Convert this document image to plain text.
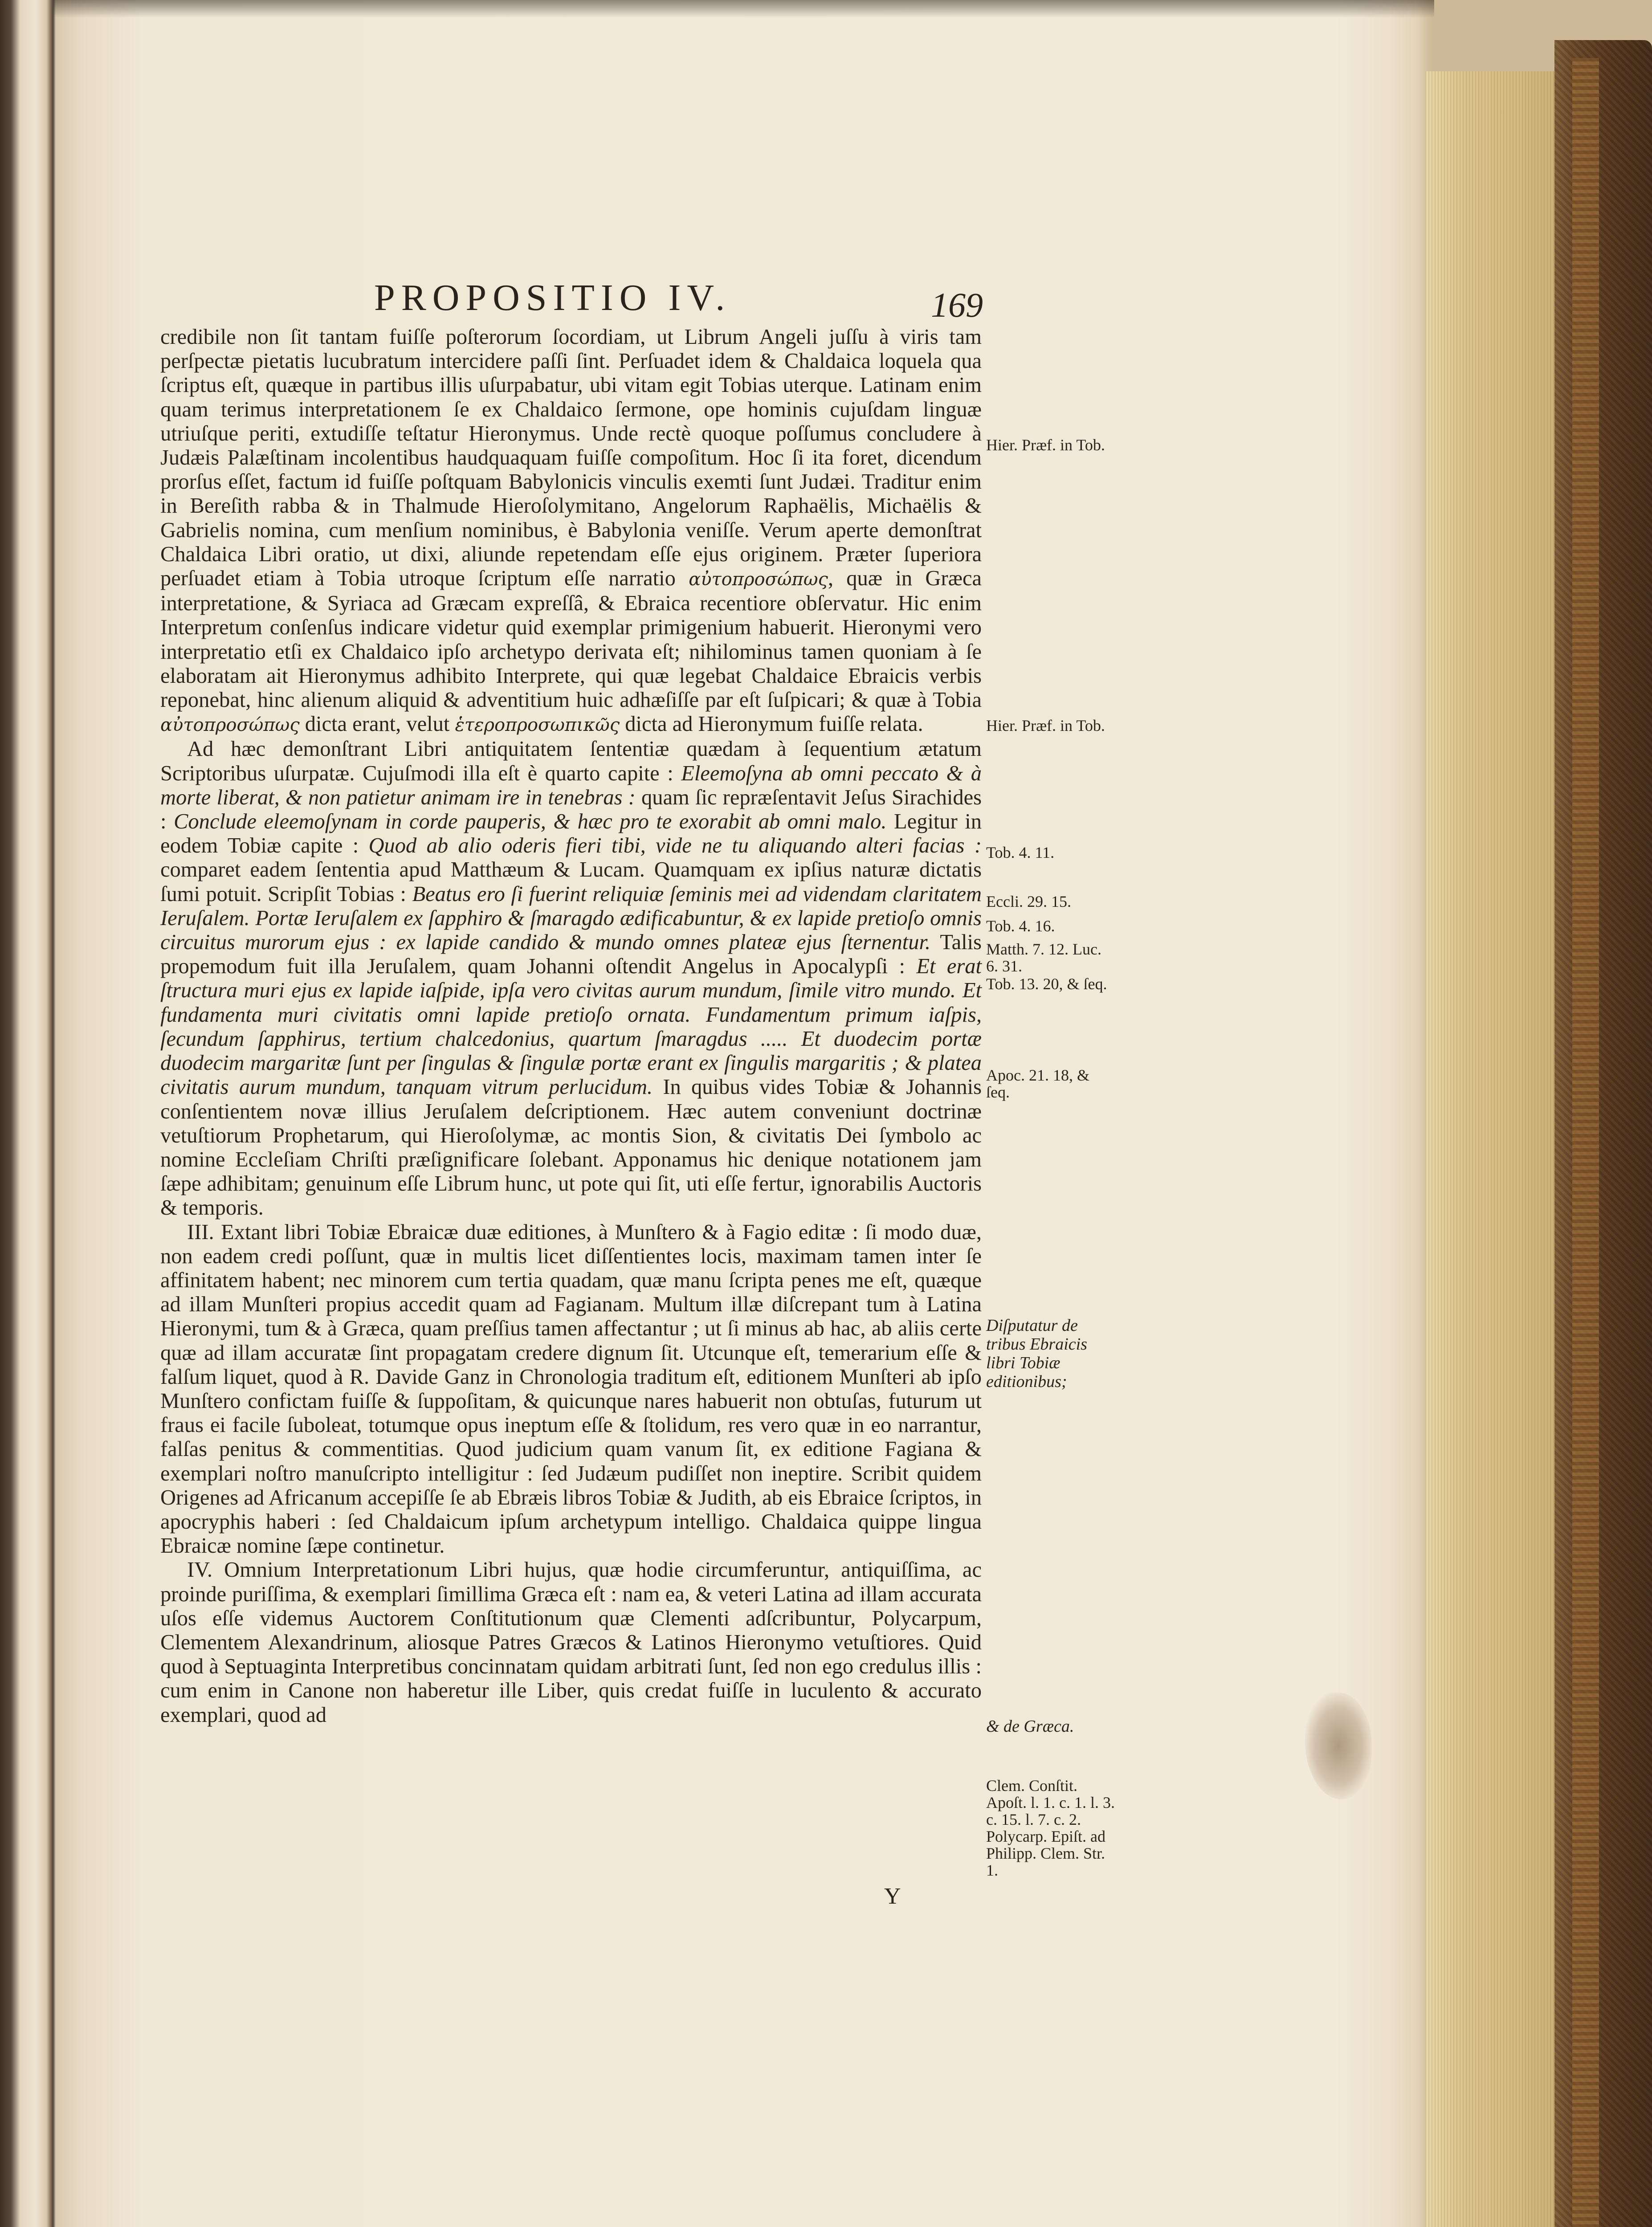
PROPOSITIO IV.	169

credibile non ſit tantam fuiſſe poſterorum ſocordiam, ut Librum Angeli juſſu à viris tam perſpectæ pietatis lucubratum intercidere paſſi ſint. Perſuadet idem & Chaldaica loquela qua ſcriptus eſt, quæque in partibus illis uſurpabatur, ubi vitam egit Tobias uterque. Latinam enim quam terimus interpretationem ſe ex Chaldaico ſermone, ope hominis cujuſdam linguæ utriuſque periti, extudiſſe teſtatur Hieronymus. Unde rectè quoque poſſumus concludere à Judæis Palæſtinam incolentibus haudquaquam fuiſſe compoſitum. Hoc ſi ita foret, dicendum prorſus eſſet, factum id fuiſſe poſtquam Babylonicis vinculis exemti ſunt Judæi. Traditur enim in Bereſith rabba & in Thalmude Hieroſolymitano, Angelorum Raphaëlis, Michaëlis & Gabrielis nomina, cum menſium nominibus, è Babylonia veniſſe. Verum aperte demonſtrat Chaldaica Libri oratio, ut dixi, aliunde repetendam eſſe ejus originem. Præter ſuperiora perſuadet etiam à Tobia utroque ſcriptum eſſe narratio αὐτοπροσώπως, quæ in Græca interpretatione, & Syriaca ad Græcam expreſſâ, & Ebraica recentiore obſervatur. Hic enim Interpretum conſenſus indicare videtur quid exemplar primigenium habuerit. Hieronymi vero interpretatio etſi ex Chaldaico ipſo archetypo derivata eſt; nihilominus tamen quoniam à ſe elaboratam ait Hieronymus adhibito Interprete, qui quæ legebat Chaldaice Ebraicis verbis reponebat, hinc alienum aliquid & adventitium huic adhæſiſſe par eſt ſuſpicari; & quæ à Tobia αὐτοπροσώπως dicta erant, velut ἑτεροπροσωπικῶς dicta ad Hieronymum fuiſſe relata.

Ad hæc demonſtrant Libri antiquitatem ſententiæ quædam à ſequentium ætatum Scriptoribus uſurpatæ. Cujuſmodi illa eſt è quarto capite : Eleemoſyna ab omni peccato & à morte liberat, & non patietur animam ire in tenebras : quam ſic repræſentavit Jeſus Sirachides : Conclude eleemoſynam in corde pauperis, & hæc pro te exorabit ab omni malo. Legitur in eodem Tobiæ capite : Quod ab alio oderis fieri tibi, vide ne tu aliquando alteri facias : comparet eadem ſententia apud Matthæum & Lucam. Quamquam ex ipſius naturæ dictatis ſumi potuit. Scripſit Tobias : Beatus ero ſi fuerint reliquiæ ſeminis mei ad videndam claritatem Ieruſalem. Portæ Ieruſalem ex ſapphiro & ſmaragdo ædificabuntur, & ex lapide pretioſo omnis circuitus murorum ejus : ex lapide candido & mundo omnes plateæ ejus ſternentur. Talis propemodum fuit illa Jeruſalem, quam Johanni oſtendit Angelus in Apocalypſi : Et erat ſtructura muri ejus ex lapide iaſpide, ipſa vero civitas aurum mundum, ſimile vitro mundo. Et fundamenta muri civitatis omni lapide pretioſo ornata. Fundamentum primum iaſpis, ſecundum ſapphirus, tertium chalcedonius, quartum ſmaragdus ..... Et duodecim portæ duodecim margaritæ ſunt per ſingulas & ſingulæ portæ erant ex ſingulis margaritis ; & platea civitatis aurum mundum, tanquam vitrum perlucidum. In quibus vides Tobiæ & Johannis conſentientem novæ illius Jeruſalem deſcriptionem. Hæc autem conveniunt doctrinæ vetuſtiorum Prophetarum, qui Hieroſolymæ, ac montis Sion, & civitatis Dei ſymbolo ac nomine Eccleſiam Chriſti præſignificare ſolebant. Apponamus hic denique notationem jam ſæpe adhibitam; genuinum eſſe Librum hunc, ut pote qui ſit, uti eſſe fertur, ignorabilis Auctoris & temporis.

III. Extant libri Tobiæ Ebraicæ duæ editiones, à Munſtero & à Fagio editæ : ſi modo duæ, non eadem credi poſſunt, quæ in multis licet diſſentientes locis, maximam tamen inter ſe affinitatem habent; nec minorem cum tertia quadam, quæ manu ſcripta penes me eſt, quæque ad illam Munſteri propius accedit quam ad Fagianam. Multum illæ diſcrepant tum à Latina Hieronymi, tum & à Græca, quam preſſius tamen affectantur ; ut ſi minus ab hac, ab aliis certe quæ ad illam accuratæ ſint propagatam credere dignum ſit. Utcunque eſt, temerarium eſſe & falſum liquet, quod à R. Davide Ganz in Chronologia traditum eſt, editionem Munſteri ab ipſo Munſtero confictam fuiſſe & ſuppoſitam, & quicunque nares habuerit non obtuſas, futurum ut fraus ei facile ſuboleat, totumque opus ineptum eſſe & ſtolidum, res vero quæ in eo narrantur, falſas penitus & commentitias. Quod judicium quam vanum ſit, ex editione Fagiana & exemplari noſtro manuſcripto intelligitur : ſed Judæum pudiſſet non ineptire. Scribit quidem Origenes ad Africanum accepiſſe ſe ab Ebræis libros Tobiæ & Judith, ab eis Ebraice ſcriptos, in apocryphis haberi : ſed Chaldaicum ipſum archetypum intelligo. Chaldaica quippe lingua Ebraicæ nomine ſæpe continetur.

IV. Omnium Interpretationum Libri hujus, quæ hodie circumferuntur, antiquiſſima, ac proinde puriſſima, & exemplari ſimillima Græca eſt : nam ea, & veteri Latina ad illam accurata uſos eſſe videmus Auctorem Conſtitutionum quæ Clementi adſcribuntur, Polycarpum, Clementem Alexandrinum, aliosque Patres Græcos & Latinos Hieronymo vetuſtiores. Quid quod à Septuaginta Interpretibus concinnatam quidam arbitrati ſunt, ſed non ego credulus illis : cum enim in Canone non haberetur ille Liber, quis credat fuiſſe in luculento & accurato exemplari, quod ad

Hier. Præf. in Tob.
Hier. Præf. in Tob.
Tob. 4. 11.
Eccli. 29. 15.
Tob. 4. 16.
Matth. 7. 12. Luc. 6. 31.
Tob. 13. 20, & ſeq.
Apoc. 21. 18, & ſeq.
Diſputatur de tribus Ebraicis libri Tobiæ editionibus;
& de Græca.
Clem. Conſtit. Apoſt. l. 1. c. 1. l. 3. c. 15. l. 7. c. 2. Polycarp. Epiſt. ad Philipp. Clem. Str. 1.
Y
